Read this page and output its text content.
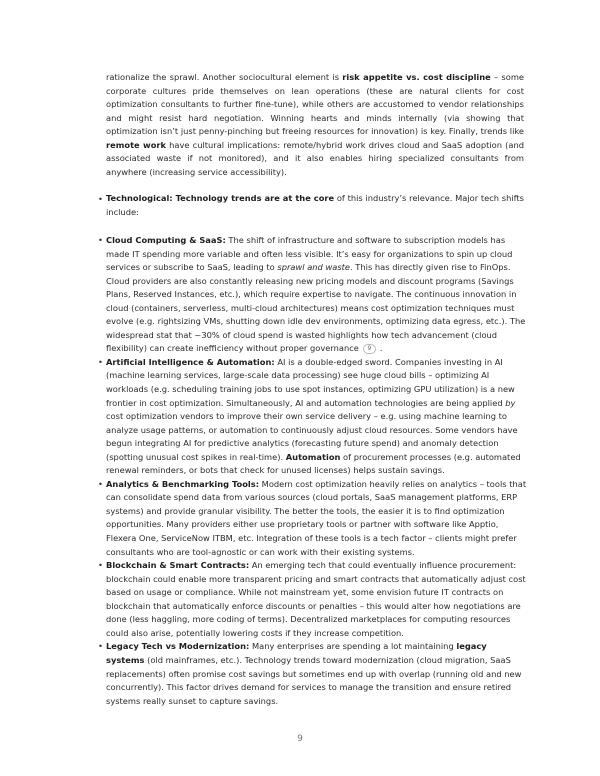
rationalize the sprawl. Another sociocultural element is risk appetite vs. cost discipline – some corporate cultures pride themselves on lean operations (these are natural clients for cost optimization consultants to further fine-tune), while others are accustomed to vendor relationships and might resist hard negotiation. Winning hearts and minds internally (via showing that optimization isn’t just penny-pinching but freeing resources for innovation) is key. Finally, trends like remote work have cultural implications: remote/hybrid work drives cloud and SaaS adoption (and associated waste if not monitored), and it also enables hiring specialized consultants from anywhere (increasing service accessibility).

• Technological: Technology trends are at the core of this industry’s relevance. Major tech shifts include:

• Cloud Computing & SaaS: The shift of infrastructure and software to subscription models has made IT spending more variable and often less visible. It’s easy for organizations to spin up cloud services or subscribe to SaaS, leading to sprawl and waste. This has directly given rise to FinOps. Cloud providers are also constantly releasing new pricing models and discount programs (Savings Plans, Reserved Instances, etc.), which require expertise to navigate. The continuous innovation in cloud (containers, serverless, multi-cloud architectures) means cost optimization techniques must evolve (e.g. rightsizing VMs, shutting down idle dev environments, optimizing data egress, etc.). The widespread stat that ~30% of cloud spend is wasted highlights how tech advancement (cloud flexibility) can create inefficiency without proper governance 9 .
• Artificial Intelligence & Automation: AI is a double-edged sword. Companies investing in AI (machine learning services, large-scale data processing) see huge cloud bills – optimizing AI workloads (e.g. scheduling training jobs to use spot instances, optimizing GPU utilization) is a new frontier in cost optimization. Simultaneously, AI and automation technologies are being applied by cost optimization vendors to improve their own service delivery – e.g. using machine learning to analyze usage patterns, or automation to continuously adjust cloud resources. Some vendors have begun integrating AI for predictive analytics (forecasting future spend) and anomaly detection (spotting unusual cost spikes in real-time). Automation of procurement processes (e.g. automated renewal reminders, or bots that check for unused licenses) helps sustain savings.
• Analytics & Benchmarking Tools: Modern cost optimization heavily relies on analytics – tools that can consolidate spend data from various sources (cloud portals, SaaS management platforms, ERP systems) and provide granular visibility. The better the tools, the easier it is to find optimization opportunities. Many providers either use proprietary tools or partner with software like Apptio, Flexera One, ServiceNow ITBM, etc. Integration of these tools is a tech factor – clients might prefer consultants who are tool-agnostic or can work with their existing systems.
• Blockchain & Smart Contracts: An emerging tech that could eventually influence procurement: blockchain could enable more transparent pricing and smart contracts that automatically adjust cost based on usage or compliance. While not mainstream yet, some envision future IT contracts on blockchain that automatically enforce discounts or penalties – this would alter how negotiations are done (less haggling, more coding of terms). Decentralized marketplaces for computing resources could also arise, potentially lowering costs if they increase competition.
• Legacy Tech vs Modernization: Many enterprises are spending a lot maintaining legacy systems (old mainframes, etc.). Technology trends toward modernization (cloud migration, SaaS replacements) often promise cost savings but sometimes end up with overlap (running old and new concurrently). This factor drives demand for services to manage the transition and ensure retired systems really sunset to capture savings.
9
